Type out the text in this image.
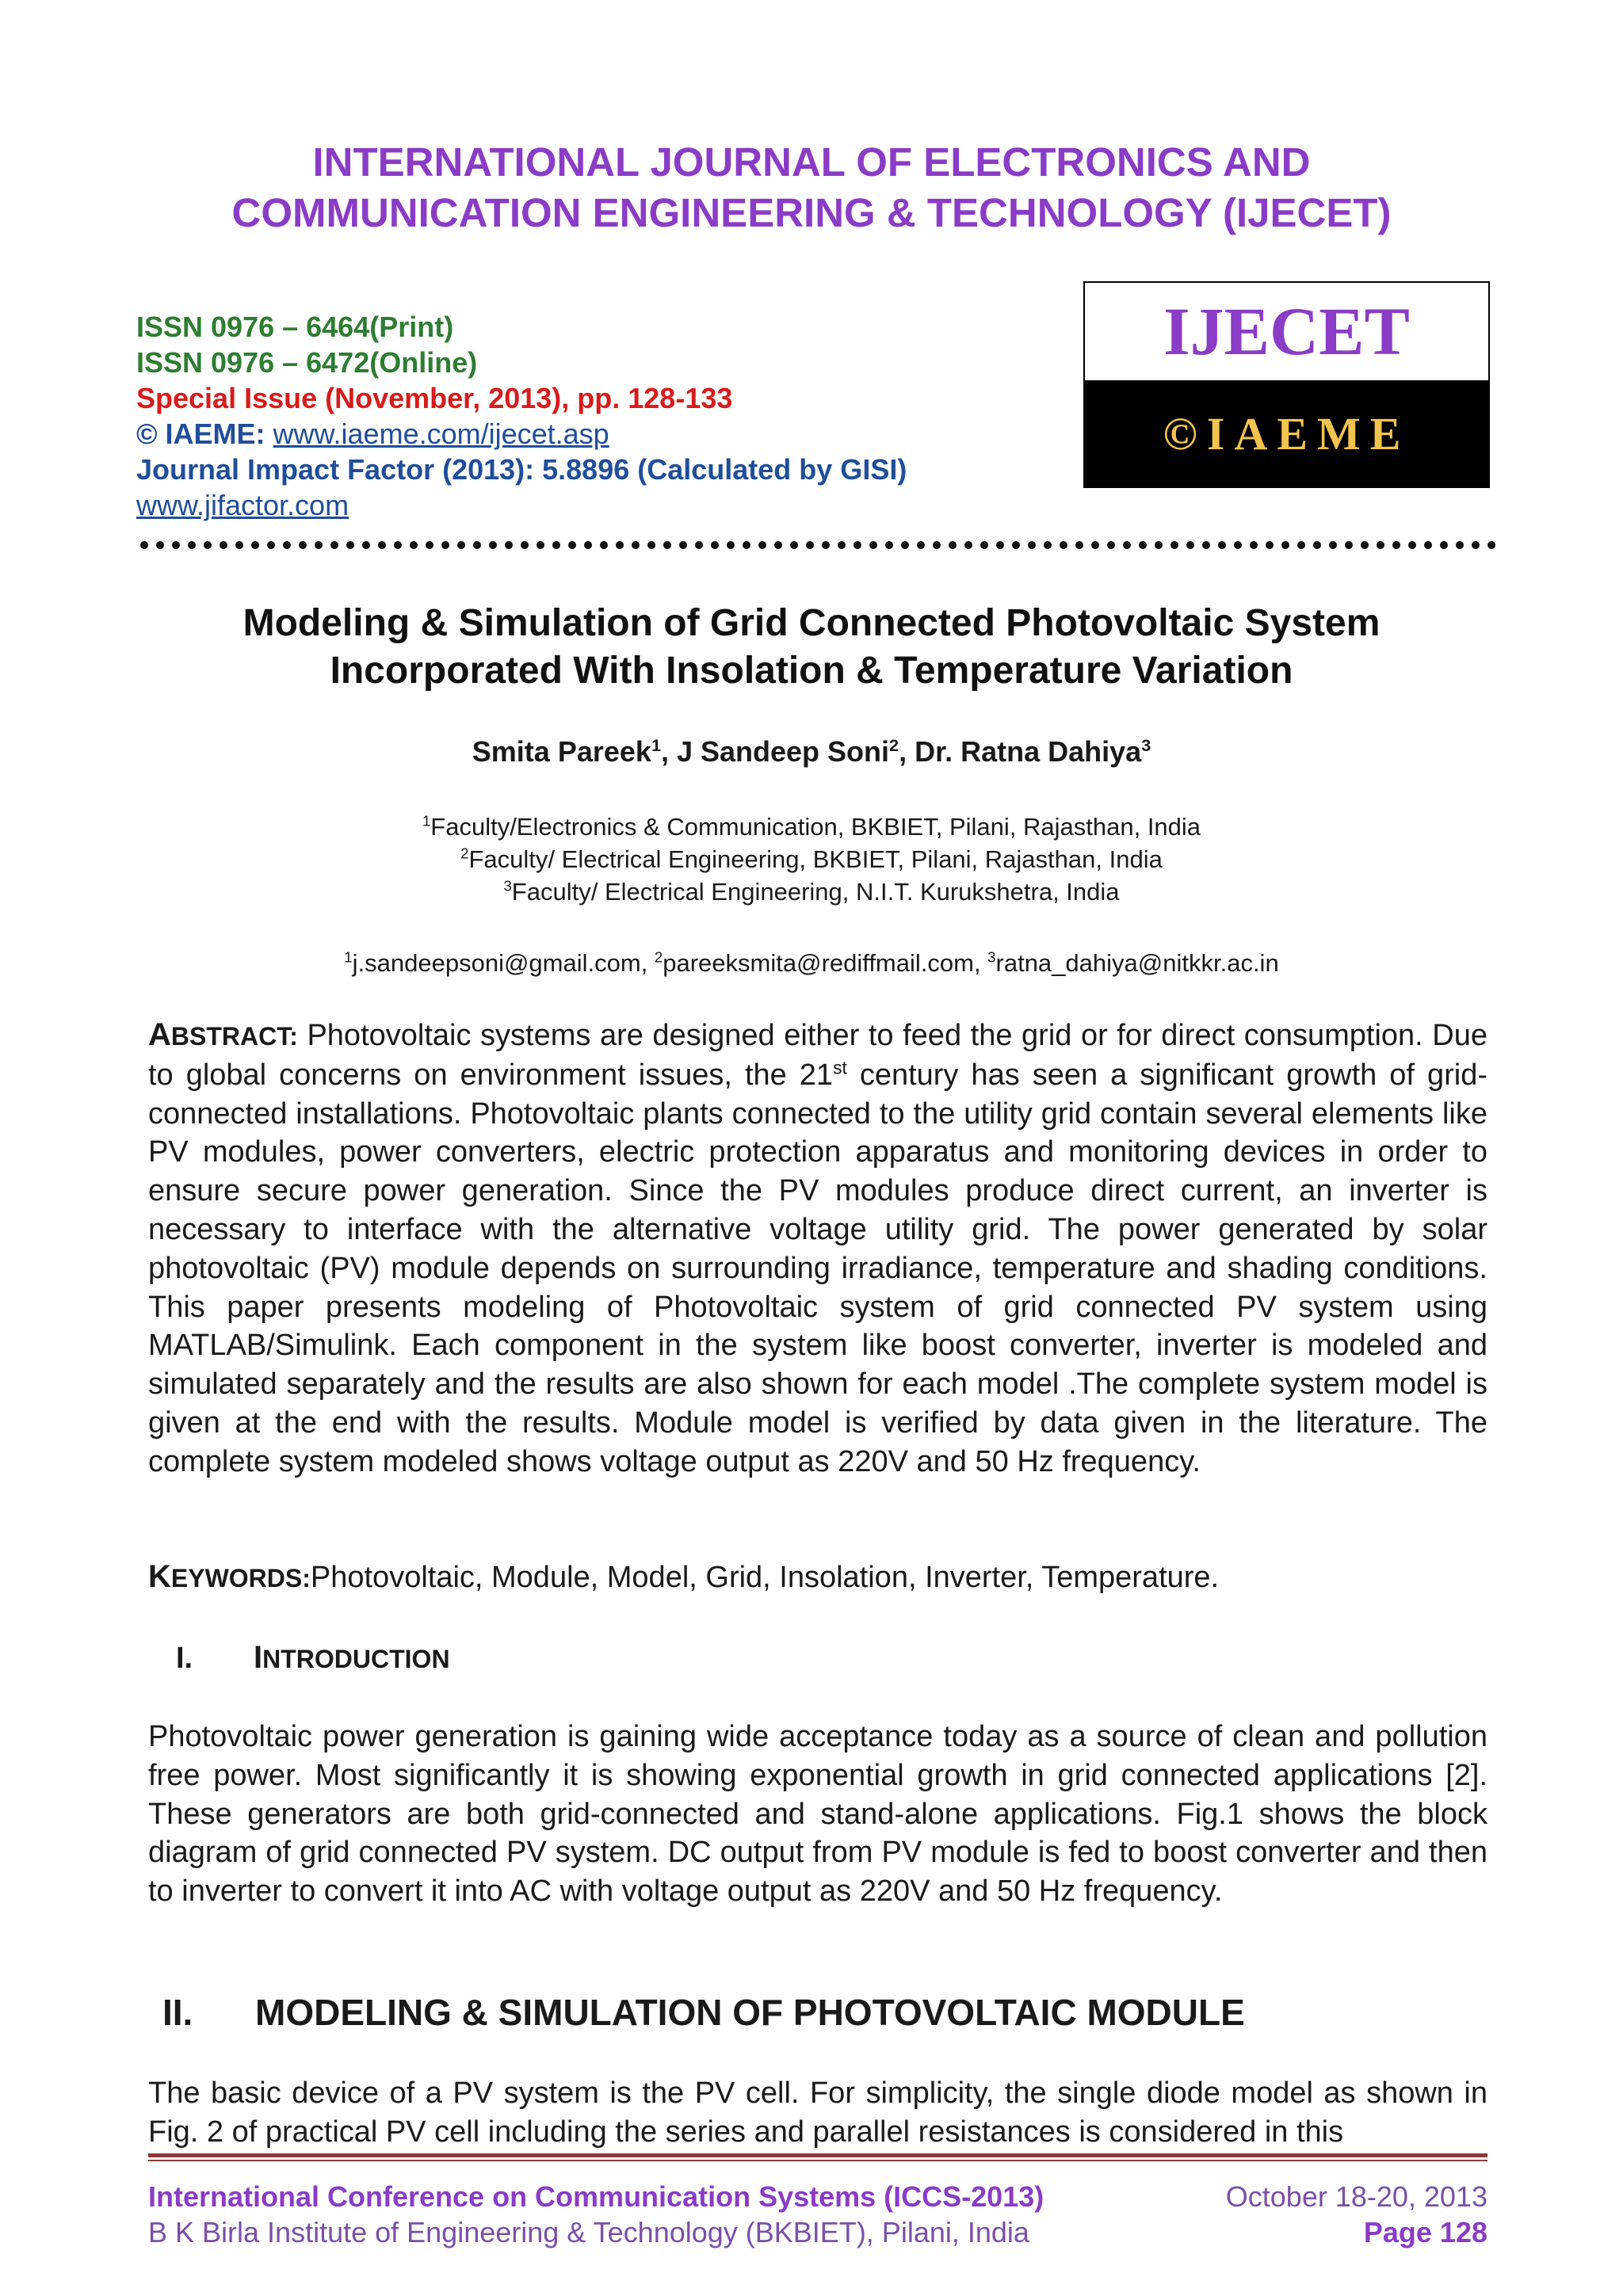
INTERNATIONAL JOURNAL OF ELECTRONICS AND
COMMUNICATION ENGINEERING & TECHNOLOGY (IJECET)
ISSN 0976 – 6464(Print)
ISSN 0976 – 6472(Online)
Special Issue (November, 2013), pp. 128-133
© IAEME: www.iaeme.com/ijecet.asp
Journal Impact Factor (2013): 5.8896 (Calculated by GISI)
www.jifactor.com
IJECET
©IAEME
Modeling & Simulation of Grid Connected Photovoltaic System
Incorporated With Insolation & Temperature Variation
Smita Pareek$^1$, J Sandeep Soni$^2$, Dr. Ratna Dahiya$^3$
$^1$Faculty/Electronics & Communication, BKBIET, Pilani, Rajasthan, India
$^2$Faculty/ Electrical Engineering, BKBIET, Pilani, Rajasthan, India
$^3$Faculty/ Electrical Engineering, N.I.T. Kurukshetra, India
$^1$j.sandeepsoni@gmail.com, $^2$pareeksmita@rediffmail.com, $^3$ratna_dahiya@nitkkr.ac.in
ABSTRACT: Photovoltaic systems are designed either to feed the grid or for direct consumption. Due to global concerns on environment issues, the 21st century has seen a significant growth of grid- connected installations. Photovoltaic plants connected to the utility grid contain several elements like PV modules, power converters, electric protection apparatus and monitoring devices in order to ensure secure power generation. Since the PV modules produce direct current, an inverter is necessary to interface with the alternative voltage utility grid. The power generated by solar photovoltaic (PV) module depends on surrounding irradiance, temperature and shading conditions. This paper presents modeling of Photovoltaic system of grid connected PV system using MATLAB/Simulink. Each component in the system like boost converter, inverter is modeled and simulated separately and the results are also shown for each model .The complete system model is given at the end with the results. Module model is verified by data given in the literature. The complete system modeled shows voltage output as 220V and 50 Hz frequency.
KEYWORDS:Photovoltaic, Module, Model, Grid, Insolation, Inverter, Temperature.
I. INTRODUCTION
Photovoltaic power generation is gaining wide acceptance today as a source of clean and pollution free power. Most significantly it is showing exponential growth in grid connected applications [2]. These generators are both grid-connected and stand-alone applications. Fig.1 shows the block diagram of grid connected PV system. DC output from PV module is fed to boost converter and then to inverter to convert it into AC with voltage output as 220V and 50 Hz frequency.
II. MODELING & SIMULATION OF PHOTOVOLTAIC MODULE
The basic device of a PV system is the PV cell. For simplicity, the single diode model as shown in Fig. 2 of practical PV cell including the series and parallel resistances is considered in this
International Conference on Communication Systems (ICCS-2013)
B K Birla Institute of Engineering & Technology (BKBIET), Pilani, India
October 18-20, 2013
Page 128
